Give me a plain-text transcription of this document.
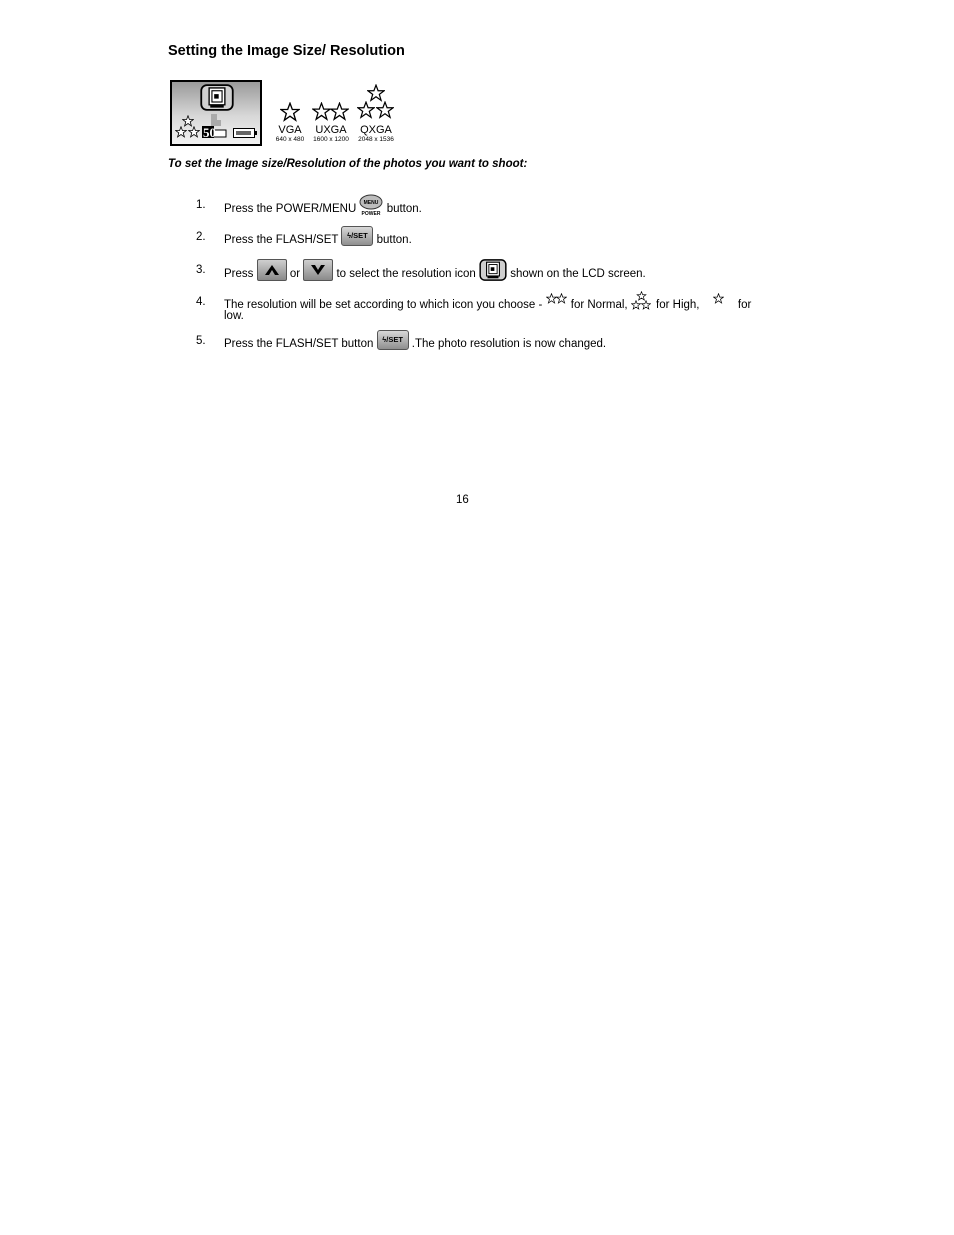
Setting the Image Size/ Resolution
50	VGA
640 x 480
UXGA
1600 x 1200
QXGA
2048 x 1536
To set the Image size/Resolution of the photos you want to shoot:
1.	Press the POWER/MENU
MENU
POWER button.
2.	Press the FLASH/SET ϟ/SET button.
3.	Press	or	to select the resolution icon	shown on the LCD screen.
4.	The resolution will be set according to which icon you choose - for Normal, for High,	for
low.
5.	Press the FLASH/SET button ϟ/SET .The photo resolution is now changed.
16
